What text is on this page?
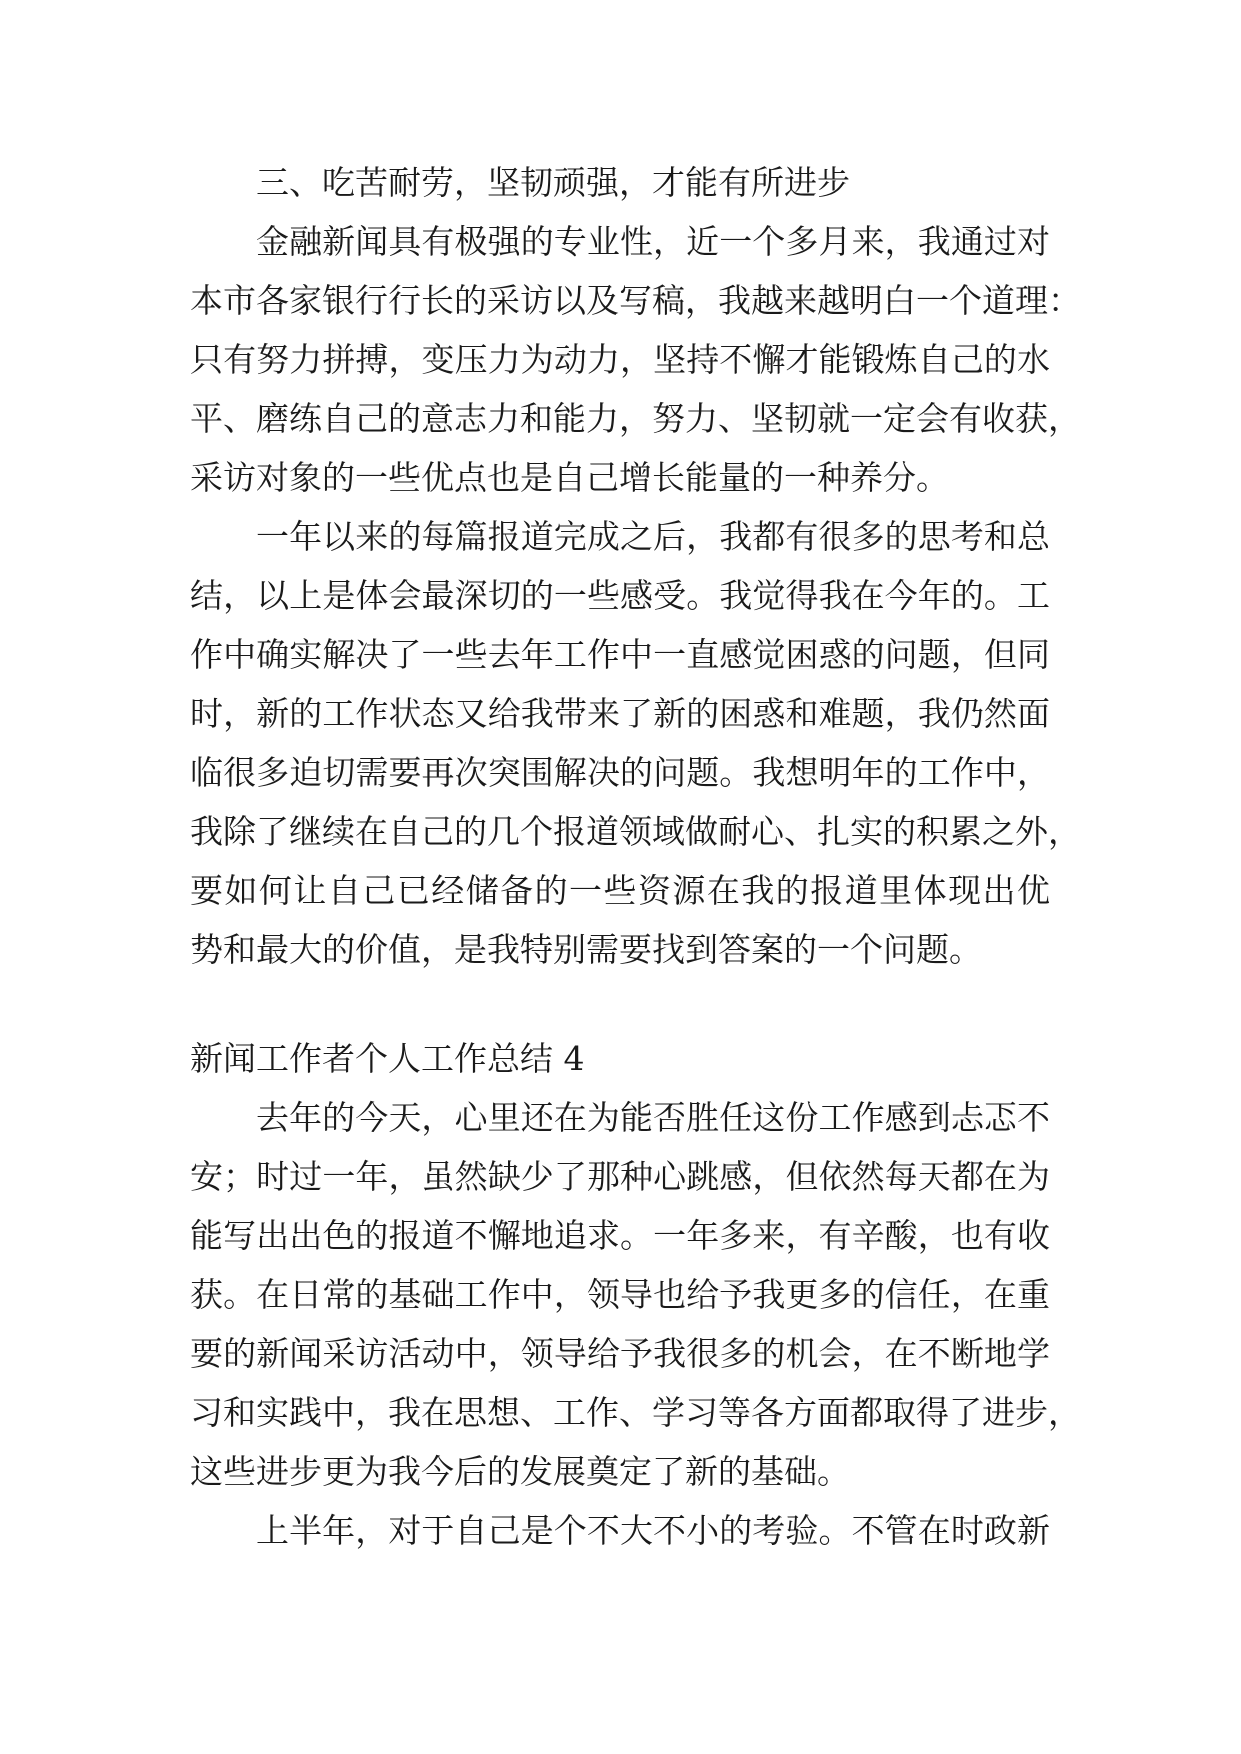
三、吃苦耐劳，坚韧顽强，才能有所进步
金融新闻具有极强的专业性，近一个多月来，我通过对
本市各家银行行长的采访以及写稿，我越来越明白一个道理：
只有努力拼搏，变压力为动力，坚持不懈才能锻炼自己的水
平、磨练自己的意志力和能力，努力、坚韧就一定会有收获，
采访对象的一些优点也是自己增长能量的一种养分。
一年以来的每篇报道完成之后，我都有很多的思考和总
结，以上是体会最深切的一些感受。我觉得我在今年的。工
作中确实解决了一些去年工作中一直感觉困惑的问题，但同
时，新的工作状态又给我带来了新的困惑和难题，我仍然面
临很多迫切需要再次突围解决的问题。我想明年的工作中，
我除了继续在自己的几个报道领域做耐心、扎实的积累之外，
要如何让自己已经储备的一些资源在我的报道里体现出优
势和最大的价值，是我特别需要找到答案的一个问题。
新闻工作者个人工作总结 4
去年的今天，心里还在为能否胜任这份工作感到忐忑不
安；时过一年，虽然缺少了那种心跳感，但依然每天都在为
能写出出色的报道不懈地追求。一年多来，有辛酸，也有收
获。在日常的基础工作中，领导也给予我更多的信任，在重
要的新闻采访活动中，领导给予我很多的机会，在不断地学
习和实践中，我在思想、工作、学习等各方面都取得了进步，
这些进步更为我今后的发展奠定了新的基础。
上半年，对于自己是个不大不小的考验。不管在时政新
